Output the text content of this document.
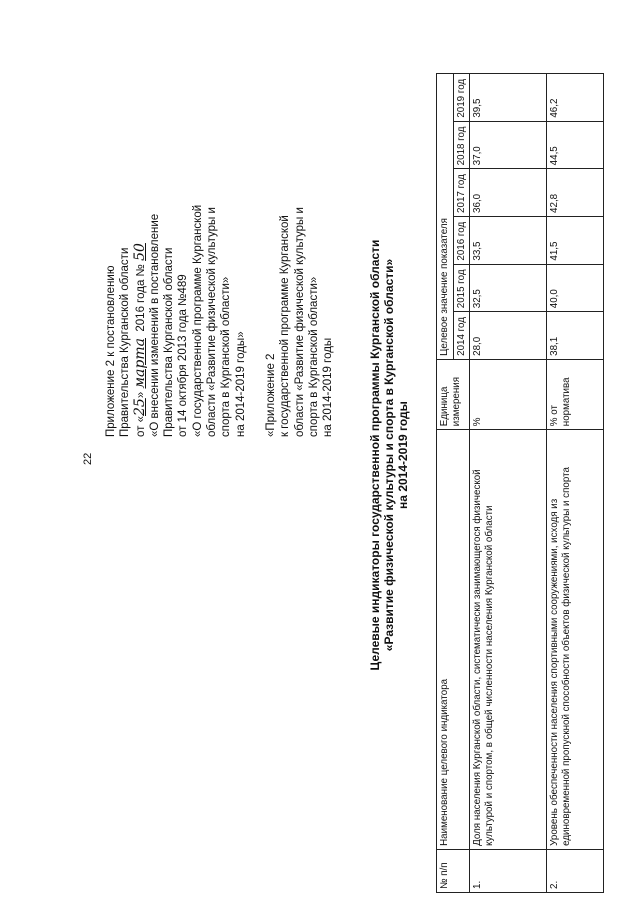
22
Приложение 2 к постановлению Правительства Курганской области от «25» марта  2016 года № 50 «О внесении изменений в постановление Правительства Курганской области от 14 октября 2013 года №489 «О государственной программе Курганской области «Развитие физической культуры и спорта в Курганской области» на 2014-2019 годы» «Приложение 2 к государственной программе Курганской области «Развитие физической культуры и спорта в Курганской области» на 2014-2019 годы	Целевые индикаторы государственной программы Курганской области «Развитие физической культуры и спорта в Курганской области» на 2014-2019 годы
№ п/п	Наименование целевого индикатора	Единица измерения	Целевое значение показателя					
			2014 год	2015 год	2016 год	2017 год	2018 год	2019 год
1.	Доля населения Курганской области, систематически занимающегося физической культурой и спортом, в общей численности населения Курганской области	%	28,0	32,5	33,5	36,0	37,0	39,5
2.	Уровень обеспеченности населения спортивными сооружениями, исходя из единовременной пропускной способности объектов физической культуры и спорта	% от норматива	38,1	40,0	41,5	42,8	44,5	46,2
